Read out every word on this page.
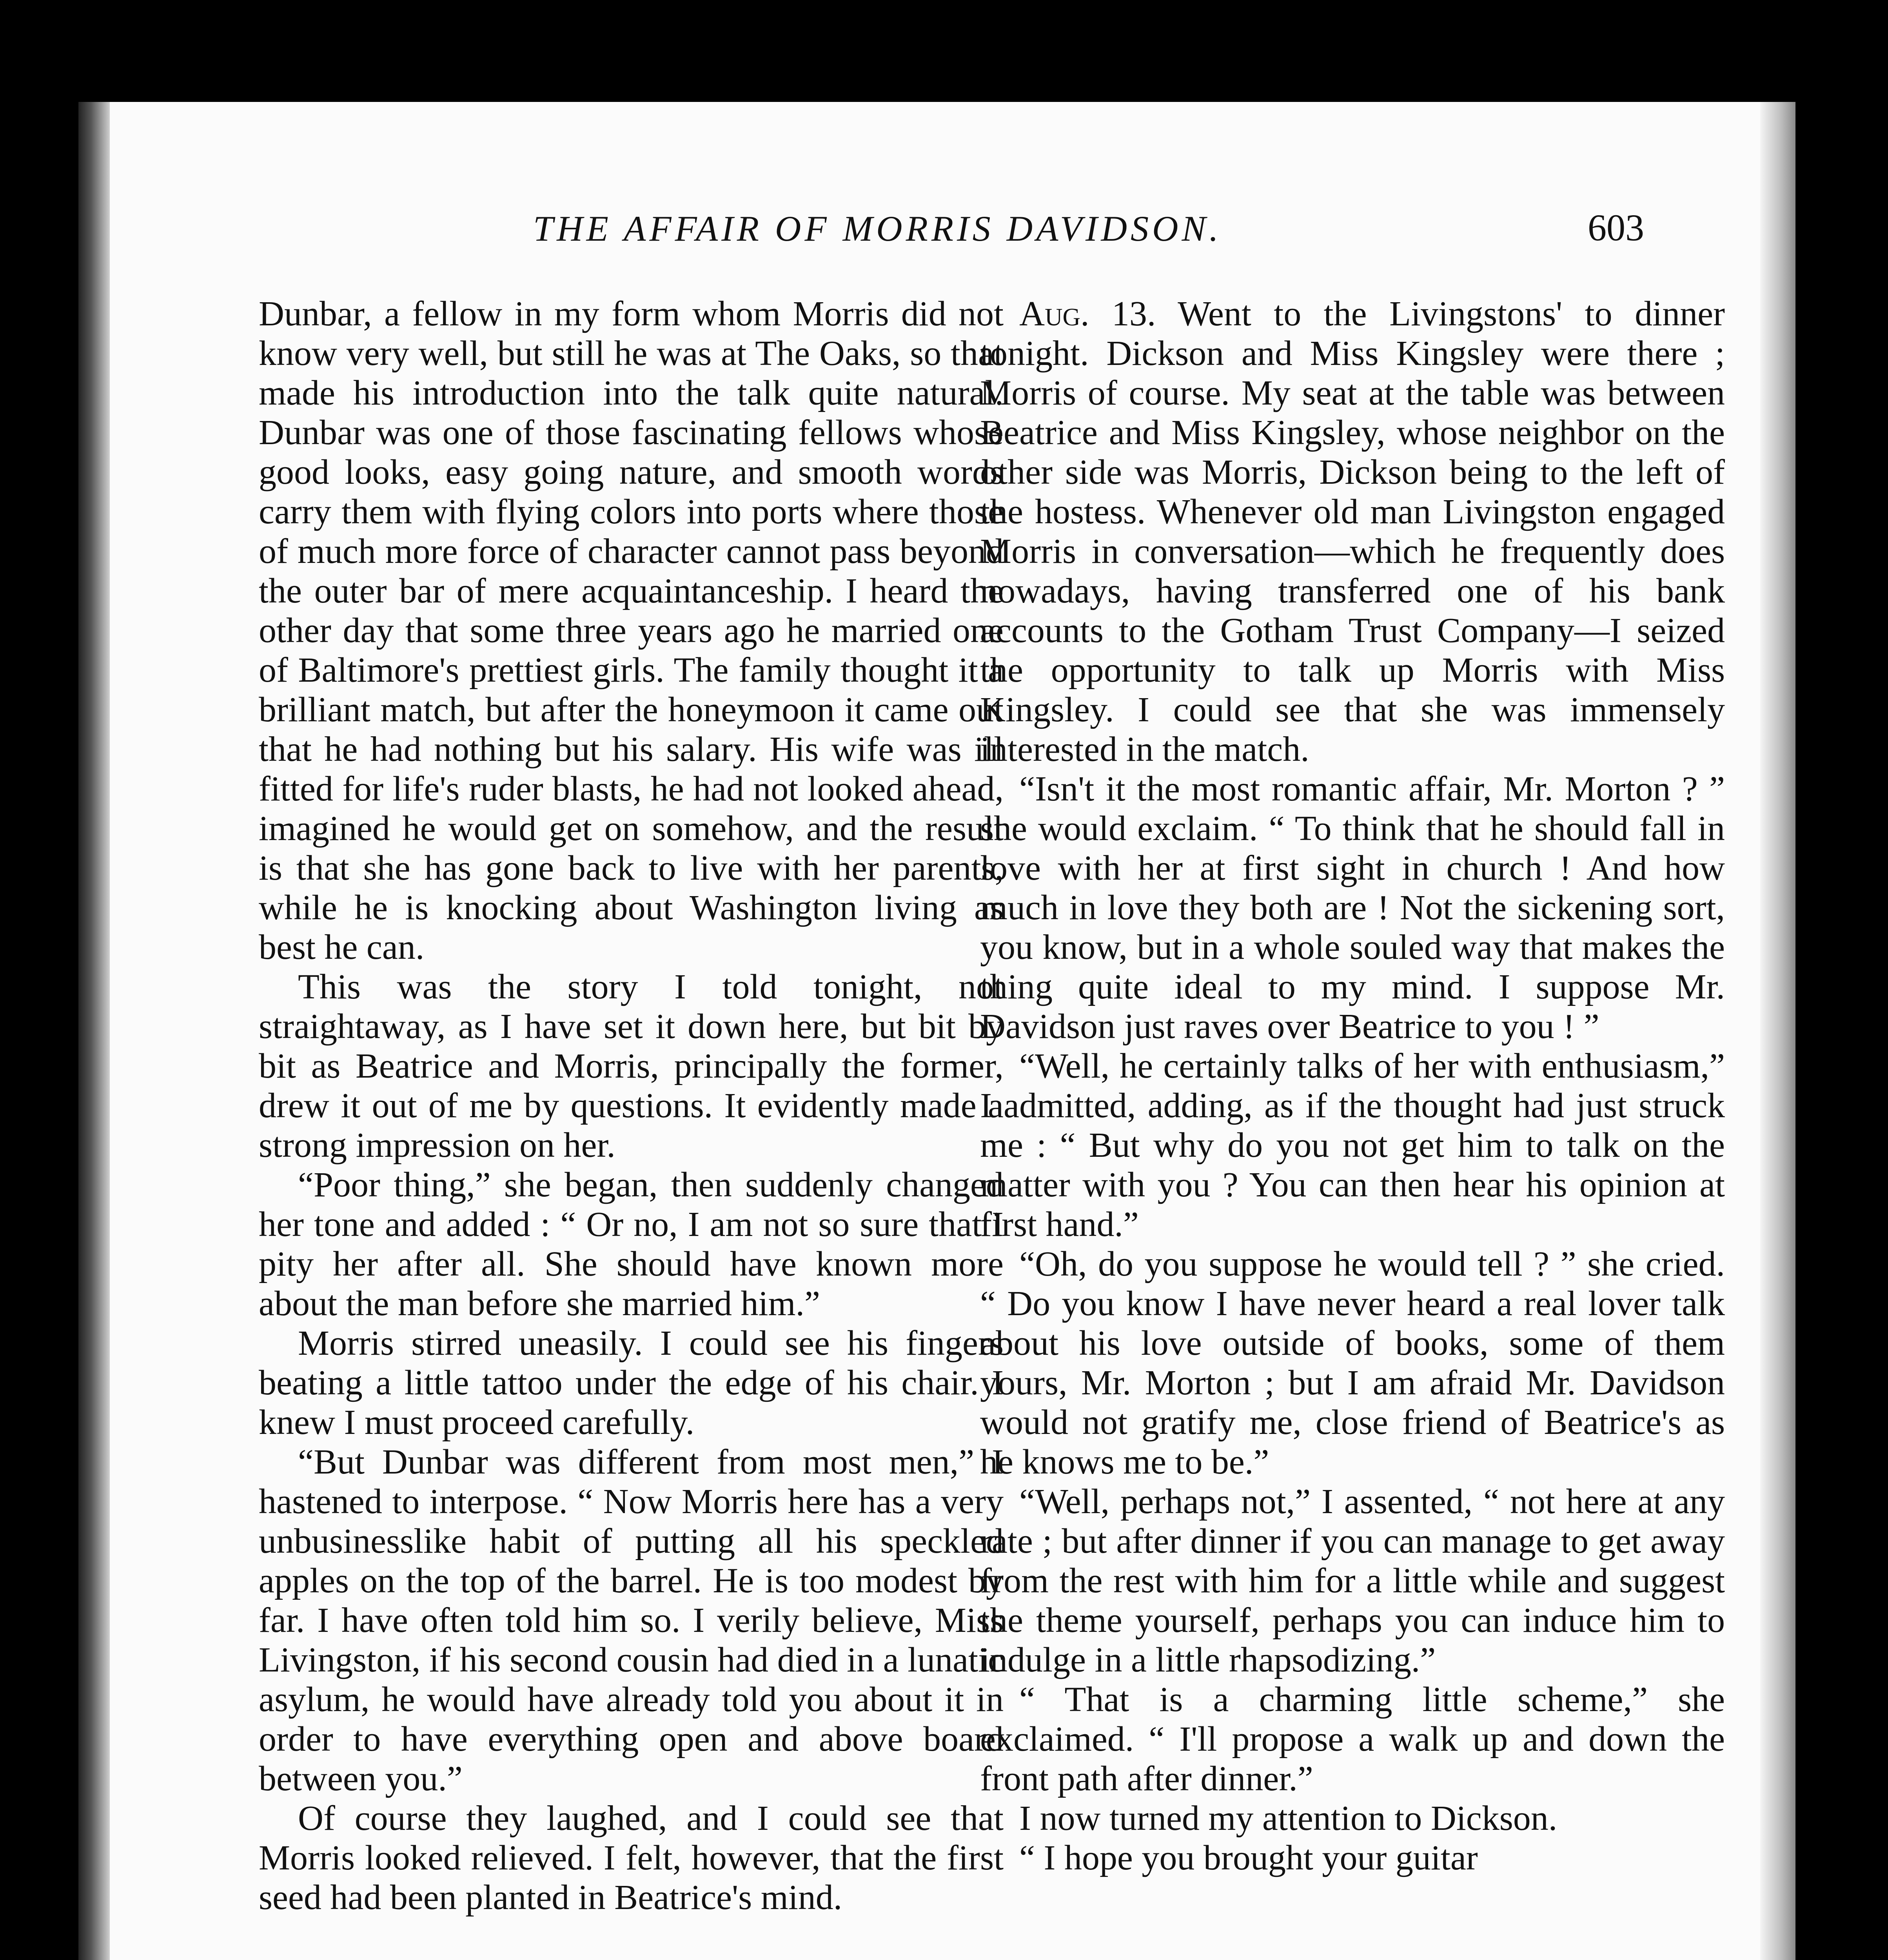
THE AFFAIR OF MORRIS DAVIDSON.	603

Dunbar, a fellow in my form whom Morris did not know very well, but still he was at The Oaks, so that made his introduction into the talk quite natural. Dunbar was one of those fascinating fellows whose good looks, easy going nature, and smooth words carry them with flying colors into ports where those of much more force of character cannot pass beyond the outer bar of mere acquaintanceship. I heard the other day that some three years ago he married one of Baltimore's prettiest girls. The family thought it a brilliant match, but after the honeymoon it came out that he had nothing but his salary. His wife was ill fitted for life's ruder blasts, he had not looked ahead, imagined he would get on somehow, and the result is that she has gone back to live with her parents, while he is knocking about Washington living as best he can.

This was the story I told tonight, not straightaway, as I have set it down here, but bit by bit as Beatrice and Morris, principally the former, drew it out of me by questions. It evidently made a strong impression on her.

“Poor thing,” she began, then suddenly changed her tone and added : “ Or no, I am not so sure that I pity her after all. She should have known more about the man before she married him.”

Morris stirred uneasily. I could see his fingers beating a little tattoo under the edge of his chair. I knew I must proceed carefully.

“But Dunbar was different from most men,” I hastened to interpose. “ Now Morris here has a very unbusinesslike habit of putting all his speckled apples on the top of the barrel. He is too modest by far. I have often told him so. I verily believe, Miss Livingston, if his second cousin had died in a lunatic asylum, he would have already told you about it in order to have everything open and above board between you.”

Of course they laughed, and I could see that Morris looked relieved. I felt, however, that the first seed had been planted in Beatrice's mind.

Aug. 13. Went to the Livingstons' to dinner tonight. Dickson and Miss Kingsley were there ; Morris of course. My seat at the table was between Beatrice and Miss Kingsley, whose neighbor on the other side was Morris, Dickson being to the left of the hostess. Whenever old man Livingston engaged Morris in conversation—which he frequently does nowadays, having transferred one of his bank accounts to the Gotham Trust Company—I seized the opportunity to talk up Morris with Miss Kingsley. I could see that she was immensely interested in the match.

“Isn't it the most romantic affair, Mr. Morton ? ” she would exclaim. “ To think that he should fall in love with her at first sight in church ! And how much in love they both are ! Not the sickening sort, you know, but in a whole souled way that makes the thing quite ideal to my mind. I suppose Mr. Davidson just raves over Beatrice to you ! ”

“Well, he certainly talks of her with enthusiasm,” I admitted, adding, as if the thought had just struck me : “ But why do you not get him to talk on the matter with you ? You can then hear his opinion at first hand.”

“Oh, do you suppose he would tell ? ” she cried. “ Do you know I have never heard a real lover talk about his love outside of books, some of them yours, Mr. Morton ; but I am afraid Mr. Davidson would not gratify me, close friend of Beatrice's as he knows me to be.”

“Well, perhaps not,” I assented, “ not here at any rate ; but after dinner if you can manage to get away from the rest with him for a little while and suggest the theme yourself, perhaps you can induce him to indulge in a little rhapsodizing.”

“ That is a charming little scheme,” she exclaimed. “ I'll propose a walk up and down the front path after dinner.”

I now turned my attention to Dickson.

“ I hope you brought your guitar
